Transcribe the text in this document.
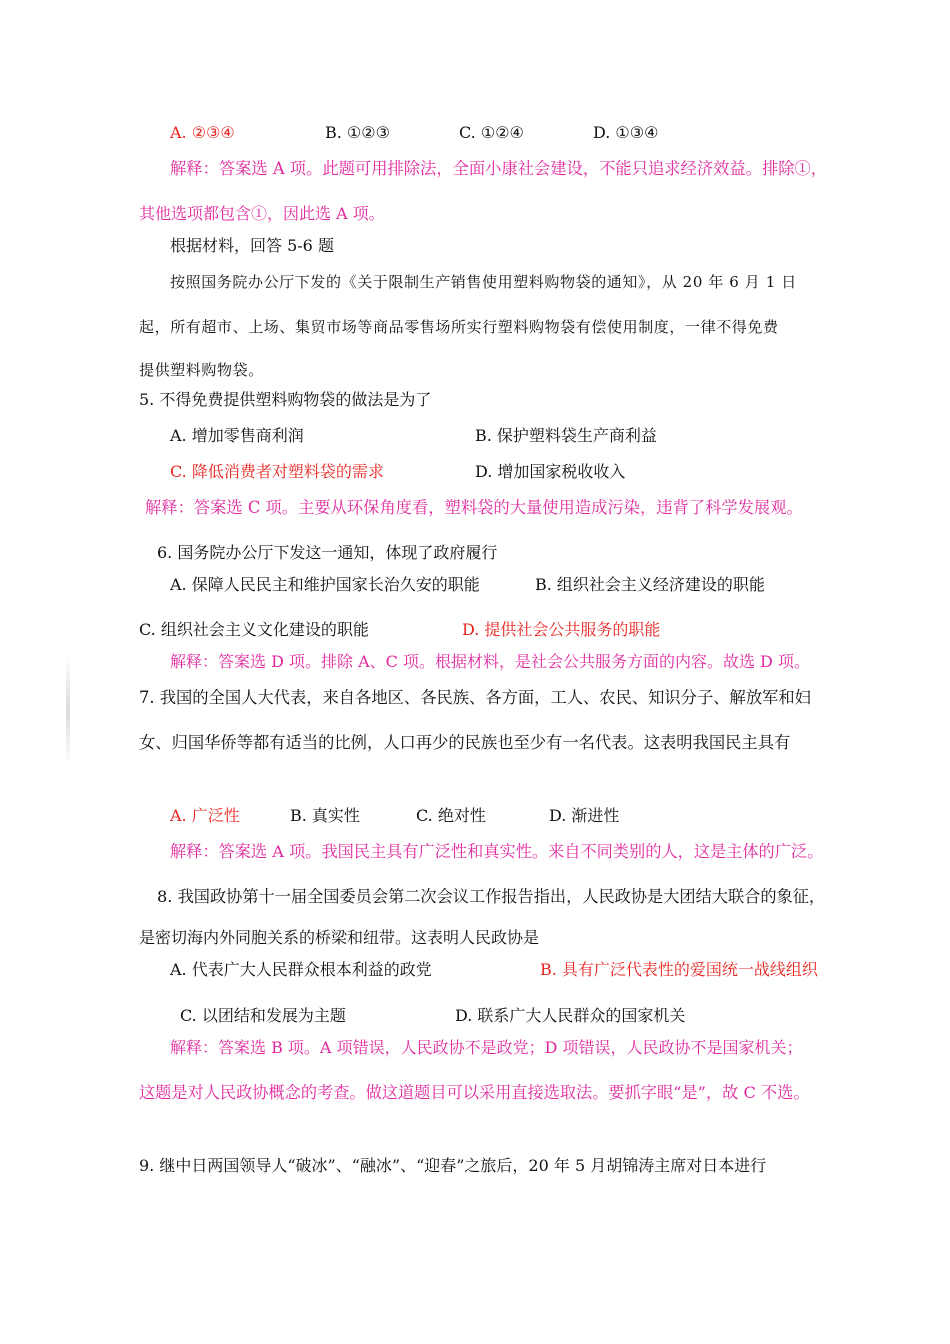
A. ②③④	B. ①②③	C. ①②④	D. ①③④
解释：答案选 A 项。此题可用排除法，全面小康社会建设，不能只追求经济效益。排除①，
其他选项都包含①，因此选 A 项。
根据材料，回答 5-6 题
按照国务院办公厅下发的《关于限制生产销售使用塑料购物袋的通知》，从 20 年 6 月 1 日
起，所有超市、上场、集贸市场等商品零售场所实行塑料购物袋有偿使用制度，一律不得免费
提供塑料购物袋。
5. 不得免费提供塑料购物袋的做法是为了
A. 增加零售商利润	B. 保护塑料袋生产商利益
C. 降低消费者对塑料袋的需求	D. 增加国家税收收入
解释：答案选 C 项。主要从环保角度看，塑料袋的大量使用造成污染，违背了科学发展观。
6. 国务院办公厅下发这一通知，体现了政府履行
A. 保障人民民主和维护国家长治久安的职能	B. 组织社会主义经济建设的职能
C. 组织社会主义文化建设的职能	D. 提供社会公共服务的职能
解释：答案选 D 项。排除 A、C 项。根据材料，是社会公共服务方面的内容。故选 D 项。
7. 我国的全国人大代表，来自各地区、各民族、各方面，工人、农民、知识分子、解放军和妇
女、归国华侨等都有适当的比例，人口再少的民族也至少有一名代表。这表明我国民主具有
A. 广泛性	B. 真实性	C. 绝对性	D. 渐进性
解释：答案选 A 项。我国民主具有广泛性和真实性。来自不同类别的人，这是主体的广泛。
8. 我国政协第十一届全国委员会第二次会议工作报告指出，人民政协是大团结大联合的象征，
是密切海内外同胞关系的桥梁和纽带。这表明人民政协是
A. 代表广大人民群众根本利益的政党	B. 具有广泛代表性的爱国统一战线组织
C. 以团结和发展为主题	D. 联系广大人民群众的国家机关
解释：答案选 B 项。A 项错误，人民政协不是政党；D 项错误，人民政协不是国家机关；
这题是对人民政协概念的考查。做这道题目可以采用直接选取法。要抓字眼“是”，故 C 不选。
9. 继中日两国领导人“破冰”、“融冰”、“迎春”之旅后，20 年 5 月胡锦涛主席对日本进行
